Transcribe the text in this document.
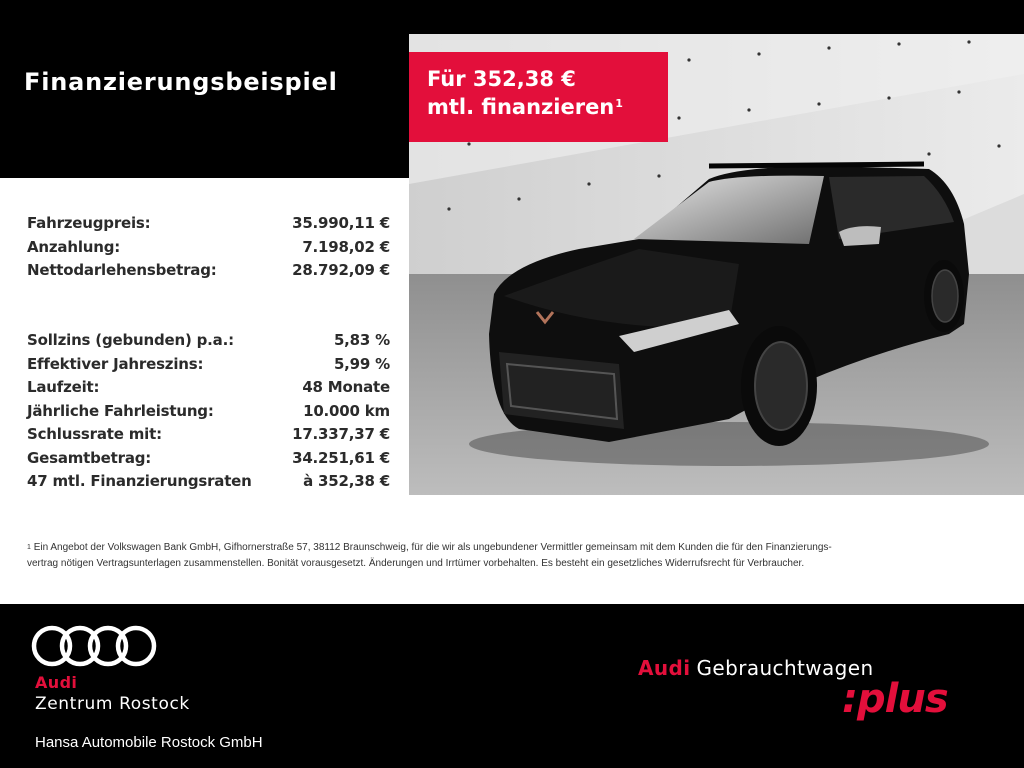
Finanzierungsbeispiel	Für 352,38 €
mtl. finanzieren$^1$
Fahrzeugpreis:	35.990,11 €
Anzahlung:	7.198,02 €
Nettodarlehensbetrag:	28.792,09 €
Sollzins (gebunden) p.a.:	5,83 %
Effektiver Jahreszins:	5,99 %
Laufzeit:	48 Monate
Jährliche Fahrleistung:	10.000 km
Schlussrate mit:	17.337,37 €
Gesamtbetrag:	34.251,61 €
47 mtl. Finanzierungsraten	à 352,38 €

$^1$ Ein Angebot der Volkswagen Bank GmbH, Gifhornerstraße 57, 38112 Braunschweig, für die wir als ungebundener Vermittler gemeinsam mit dem Kunden die für den Finanzierungs-
vertrag nötigen Vertragsunterlagen zusammenstellen. Bonität vorausgesetzt. Änderungen und Irrtümer vorbehalten. Es besteht ein gesetzliches Widerrufsrecht für Verbraucher.

Audi
Zentrum Rostock
Hansa Automobile Rostock GmbH
Audi Gebrauchtwagen
:plus
